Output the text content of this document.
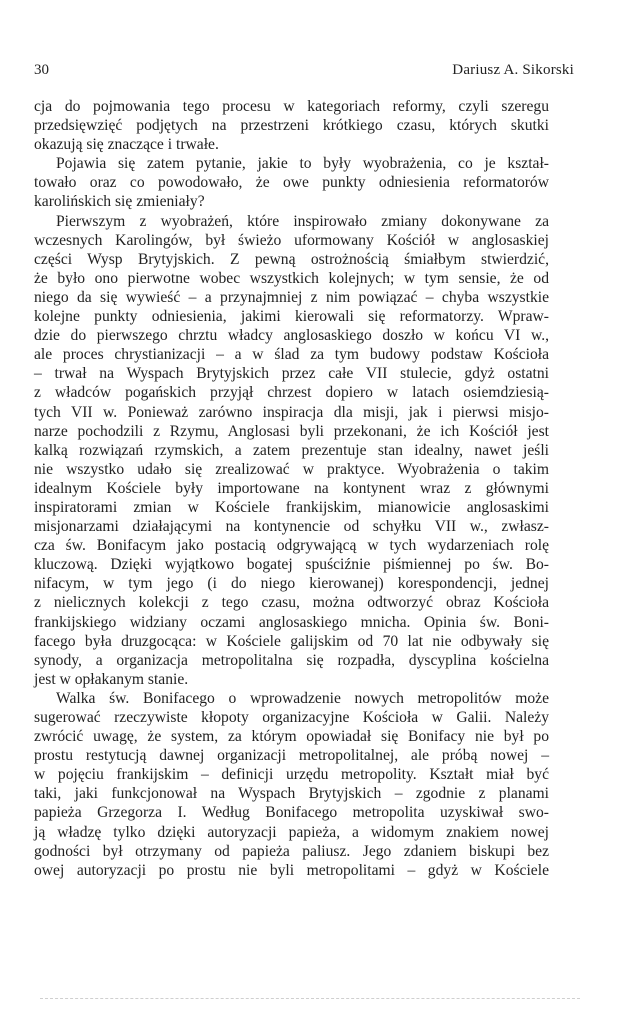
30	Dariusz A. Sikorski
cja do pojmowania tego procesu w kategoriach reformy, czyli szeregu
przedsięwzięć podjętych na przestrzeni krótkiego czasu, których skutki
okazują się znaczące i trwałe.
Pojawia się zatem pytanie, jakie to były wyobrażenia, co je kształ-
towało oraz co powodowało, że owe punkty odniesienia reformatorów
karolińskich się zmieniały?
Pierwszym z wyobrażeń, które inspirowało zmiany dokonywane za
wczesnych Karolingów, był świeżo uformowany Kościół w anglosaskiej
części Wysp Brytyjskich. Z pewną ostrożnością śmiałbym stwierdzić,
że było ono pierwotne wobec wszystkich kolejnych; w tym sensie, że od
niego da się wywieść – a przynajmniej z nim powiązać – chyba wszystkie
kolejne punkty odniesienia, jakimi kierowali się reformatorzy. Wpraw-
dzie do pierwszego chrztu władcy anglosaskiego doszło w końcu VI w.,
ale proces chrystianizacji – a w ślad za tym budowy podstaw Kościoła
– trwał na Wyspach Brytyjskich przez całe VII stulecie, gdyż ostatni
z władców pogańskich przyjął chrzest dopiero w latach osiemdziesią-
tych VII w. Ponieważ zarówno inspiracja dla misji, jak i pierwsi misjo-
narze pochodzili z Rzymu, Anglosasi byli przekonani, że ich Kościół jest
kalką rozwiązań rzymskich, a zatem prezentuje stan idealny, nawet jeśli
nie wszystko udało się zrealizować w praktyce. Wyobrażenia o takim
idealnym Kościele były importowane na kontynent wraz z głównymi
inspiratorami zmian w Kościele frankijskim, mianowicie anglosaskimi
misjonarzami działającymi na kontynencie od schyłku VII w., zwłasz-
cza św. Bonifacym jako postacią odgrywającą w tych wydarzeniach rolę
kluczową. Dzięki wyjątkowo bogatej spuściźnie piśmiennej po św. Bo-
nifacym, w tym jego (i do niego kierowanej) korespondencji, jednej
z nielicznych kolekcji z tego czasu, można odtworzyć obraz Kościoła
frankijskiego widziany oczami anglosaskiego mnicha. Opinia św. Boni-
facego była druzgocąca: w Kościele galijskim od 70 lat nie odbywały się
synody, a organizacja metropolitalna się rozpadła, dyscyplina kościelna
jest w opłakanym stanie.
Walka św. Bonifacego o wprowadzenie nowych metropolitów może
sugerować rzeczywiste kłopoty organizacyjne Kościoła w Galii. Należy
zwrócić uwagę, że system, za którym opowiadał się Bonifacy nie był po
prostu restytucją dawnej organizacji metropolitalnej, ale próbą nowej –
w pojęciu frankijskim – definicji urzędu metropolity. Kształt miał być
taki, jaki funkcjonował na Wyspach Brytyjskich – zgodnie z planami
papieża Grzegorza I. Według Bonifacego metropolita uzyskiwał swo-
ją władzę tylko dzięki autoryzacji papieża, a widomym znakiem nowej
godności był otrzymany od papieża paliusz. Jego zdaniem biskupi bez
owej autoryzacji po prostu nie byli metropolitami – gdyż w Kościele
